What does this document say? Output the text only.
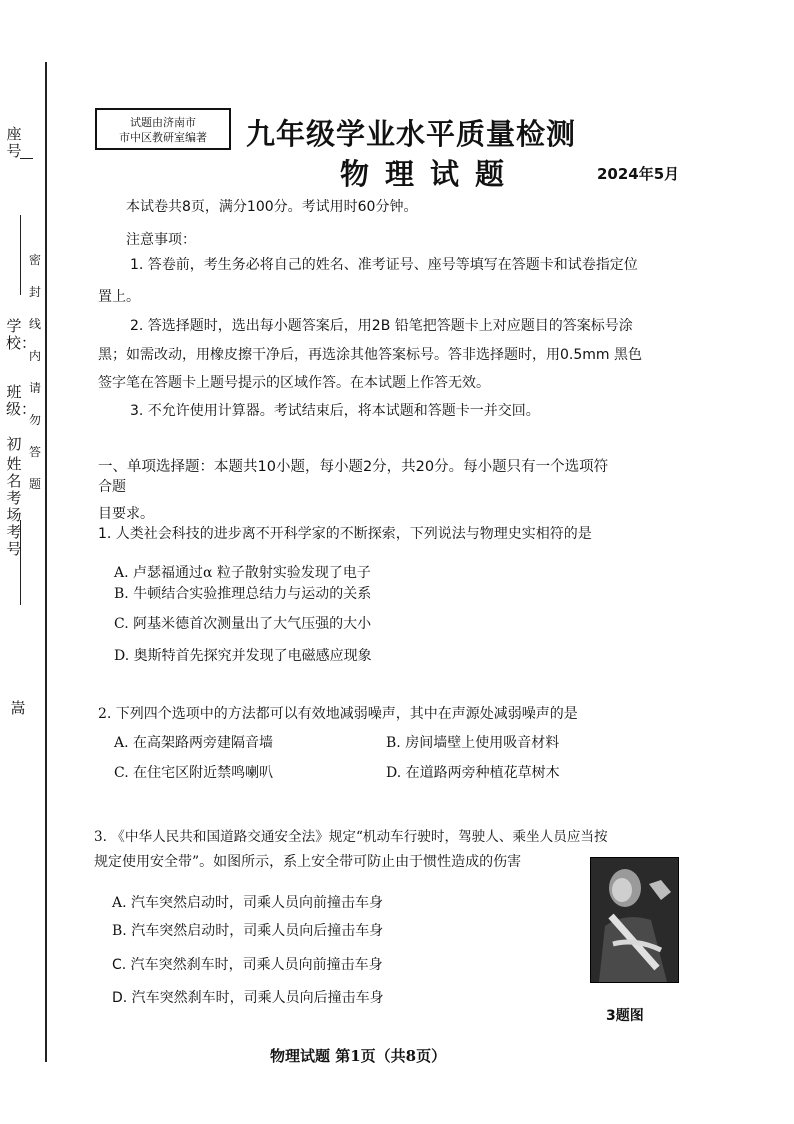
座号
学校：
班级：
初
姓名考场考号
密封线内请勿答题
嵩
试题由济南市
市中区教研室编著	九年级学业水平质量检测
物理试题	2024年5月
本试卷共8页，满分100分。考试用时60分钟。
注意事项：
1. 答卷前，考生务必将自己的姓名、准考证号、座号等填写在答题卡和试卷指定位
置上。
2. 答选择题时，选出每小题答案后，用2B 铅笔把答题卡上对应题目的答案标号涂
黑；如需改动，用橡皮擦干净后，再选涂其他答案标号。答非选择题时，用0.5mm 黑色
签字笔在答题卡上题号提示的区域作答。在本试题上作答无效。
3. 不允许使用计算器。考试结束后，将本试题和答题卡一并交回。
一、单项选择题：本题共10小题，每小题2分，共20分。每小题只有一个选项符
合题
目要求。
1. 人类社会科技的进步离不开科学家的不断探索，下列说法与物理史实相符的是
A. 卢瑟福通过α 粒子散射实验发现了电子
B. 牛顿结合实验推理总结力与运动的关系
C. 阿基米德首次测量出了大气压强的大小
D. 奥斯特首先探究并发现了电磁感应现象
2. 下列四个选项中的方法都可以有效地减弱噪声，其中在声源处减弱噪声的是
A. 在高架路两旁建隔音墙	B. 房间墙壁上使用吸音材料
C. 在住宅区附近禁鸣喇叭	D. 在道路两旁种植花草树木
3. 《中华人民共和国道路交通安全法》规定“机动车行驶时，驾驶人、乘坐人员应当按
规定使用安全带”。如图所示，系上安全带可防止由于惯性造成的伤害
A. 汽车突然启动时，司乘人员向前撞击车身
B. 汽车突然启动时，司乘人员向后撞击车身
C. 汽车突然刹车时，司乘人员向前撞击车身
D. 汽车突然刹车时，司乘人员向后撞击车身
3题图
物理试题 第1页（共8页）
